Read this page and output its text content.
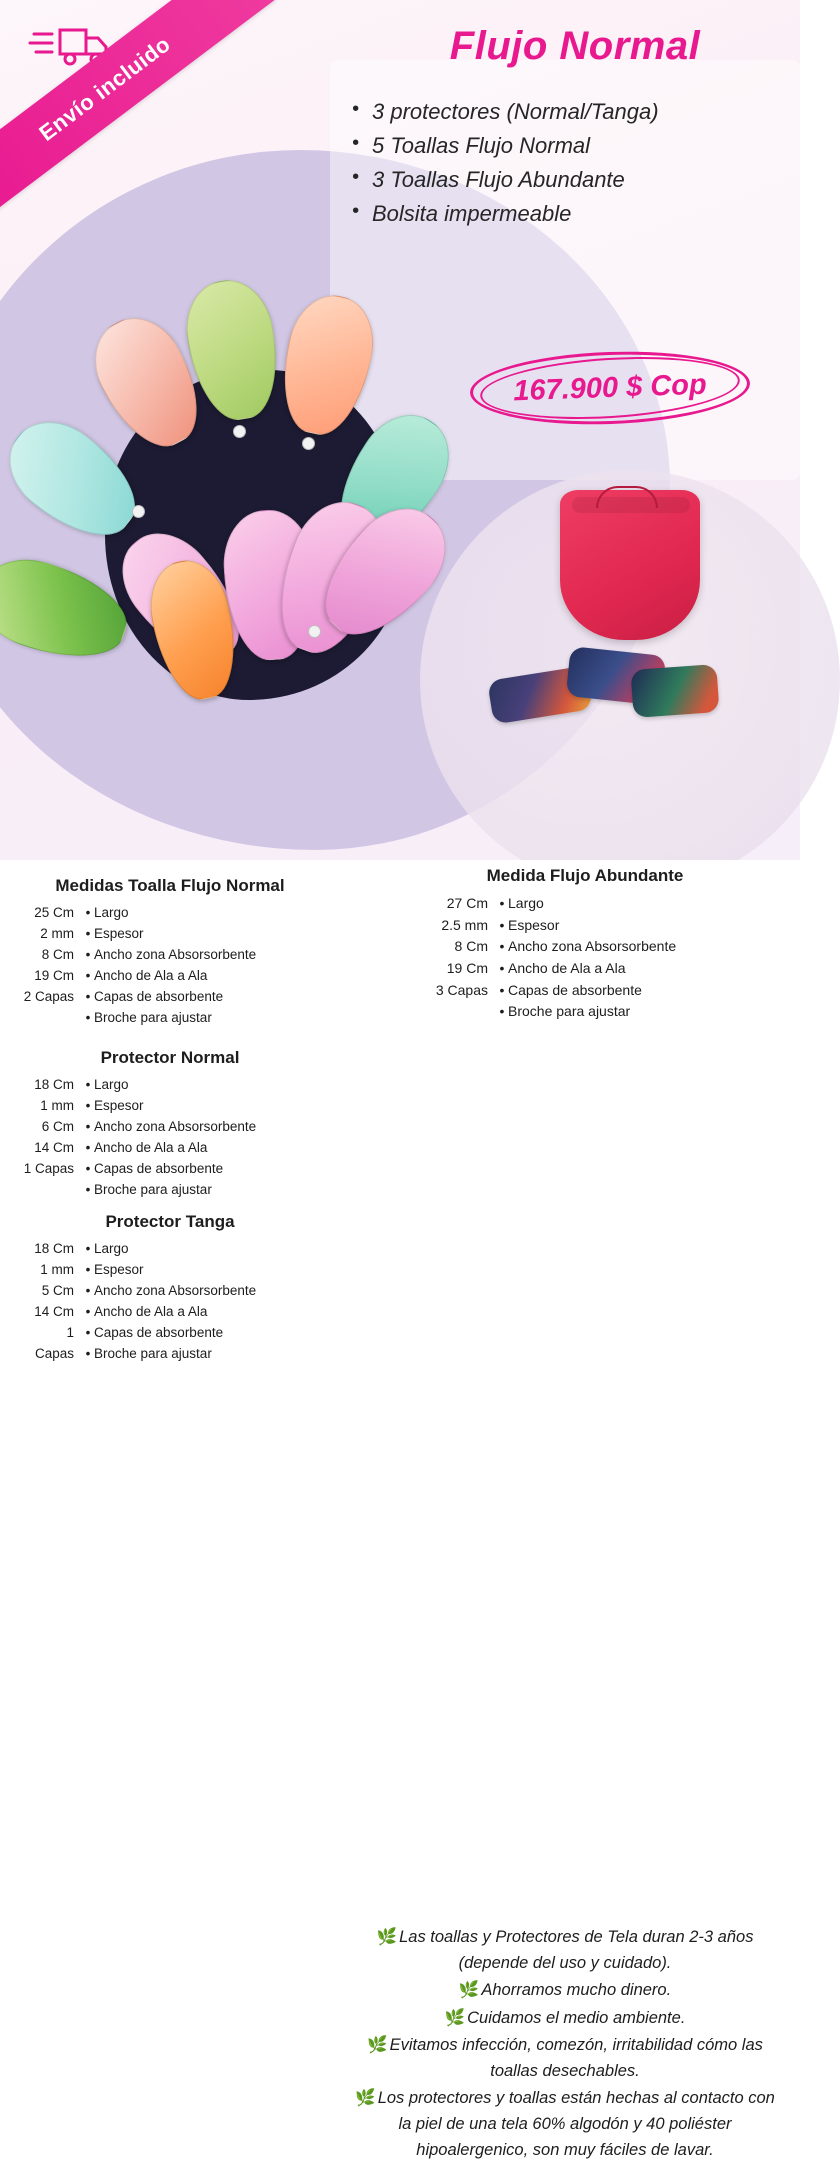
Envío incluido	Flujo Normal
• 3 protectores (Normal/Tanga)
• 5 Toallas Flujo Normal
• 3 Toallas Flujo Abundante
• Bolsita impermeable
167.900 $ Cop
Medidas Toalla Flujo Normal
25 Cm • Largo
2 mm • Espesor
8 Cm • Ancho zona Absorsorbente
19 Cm • Ancho de Ala a Ala
2 Capas • Capas de absorbente
• Broche para ajustar
Medida Flujo Abundante
27 Cm • Largo
2.5 mm • Espesor
8 Cm • Ancho zona Absorsorbente
19 Cm • Ancho de Ala a Ala
3 Capas • Capas de absorbente
• Broche para ajustar
Protector Normal
18 Cm • Largo
1 mm • Espesor
6 Cm • Ancho zona Absorsorbente
14 Cm • Ancho de Ala a Ala
1 Capas • Capas de absorbente
• Broche para ajustar
Protector Tanga
18 Cm • Largo
1 mm • Espesor
5 Cm • Ancho zona Absorsorbente
14 Cm • Ancho de Ala a Ala
1 • Capas de absorbente
Capas • Broche para ajustar

🌿 Las toallas y Protectores de Tela duran 2-3 años (depende del uso y cuidado).

🌿 Ahorramos mucho dinero.

🌿 Cuidamos el medio ambiente.

🌿 Evitamos infección, comezón, irritabilidad cómo las toallas desechables.

🌿 Los protectores y toallas están hechas al contacto con la piel de una tela 60% algodón y 40 poliéster hipoalergenico, son muy fáciles de lavar.
